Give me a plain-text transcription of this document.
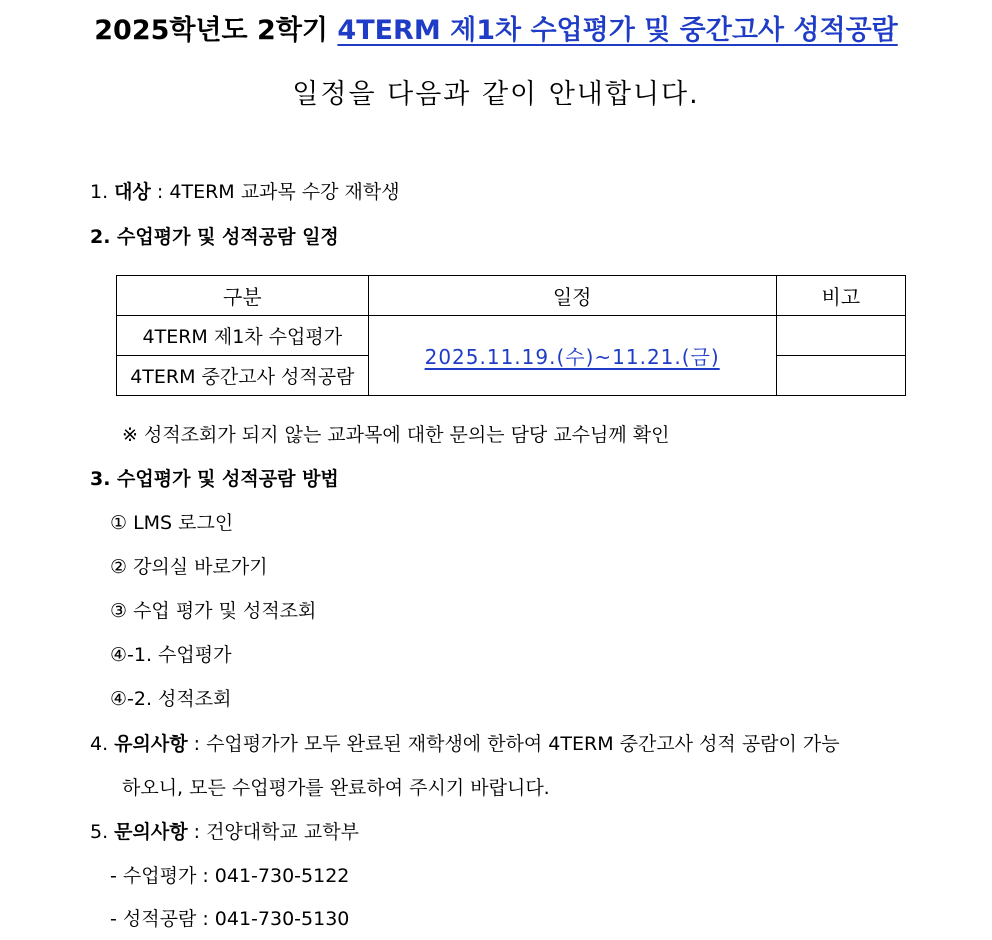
2025학년도 2학기 4TERM 제1차 수업평가 및 중간고사 성적공람
일정을 다음과 같이 안내합니다.
1. 대상 : 4TERM 교과목 수강 재학생
2. 수업평가 및 성적공람 일정
구분	일정	비고
4TERM 제1차 수업평가	2025.11.19.(수)~11.21.(금)	
4TERM 중간고사 성적공람		
※ 성적조회가 되지 않는 교과목에 대한 문의는 담당 교수님께 확인
3. 수업평가 및 성적공람 방법
① LMS 로그인
② 강의실 바로가기
③ 수업 평가 및 성적조회
④-1. 수업평가
④-2. 성적조회
4. 유의사항 : 수업평가가 모두 완료된 재학생에 한하여 4TERM 중간고사 성적 공람이 가능
하오니, 모든 수업평가를 완료하여 주시기 바랍니다.
5. 문의사항 : 건양대학교 교학부
- 수업평가 : 041-730-5122
- 성적공람 : 041-730-5130
